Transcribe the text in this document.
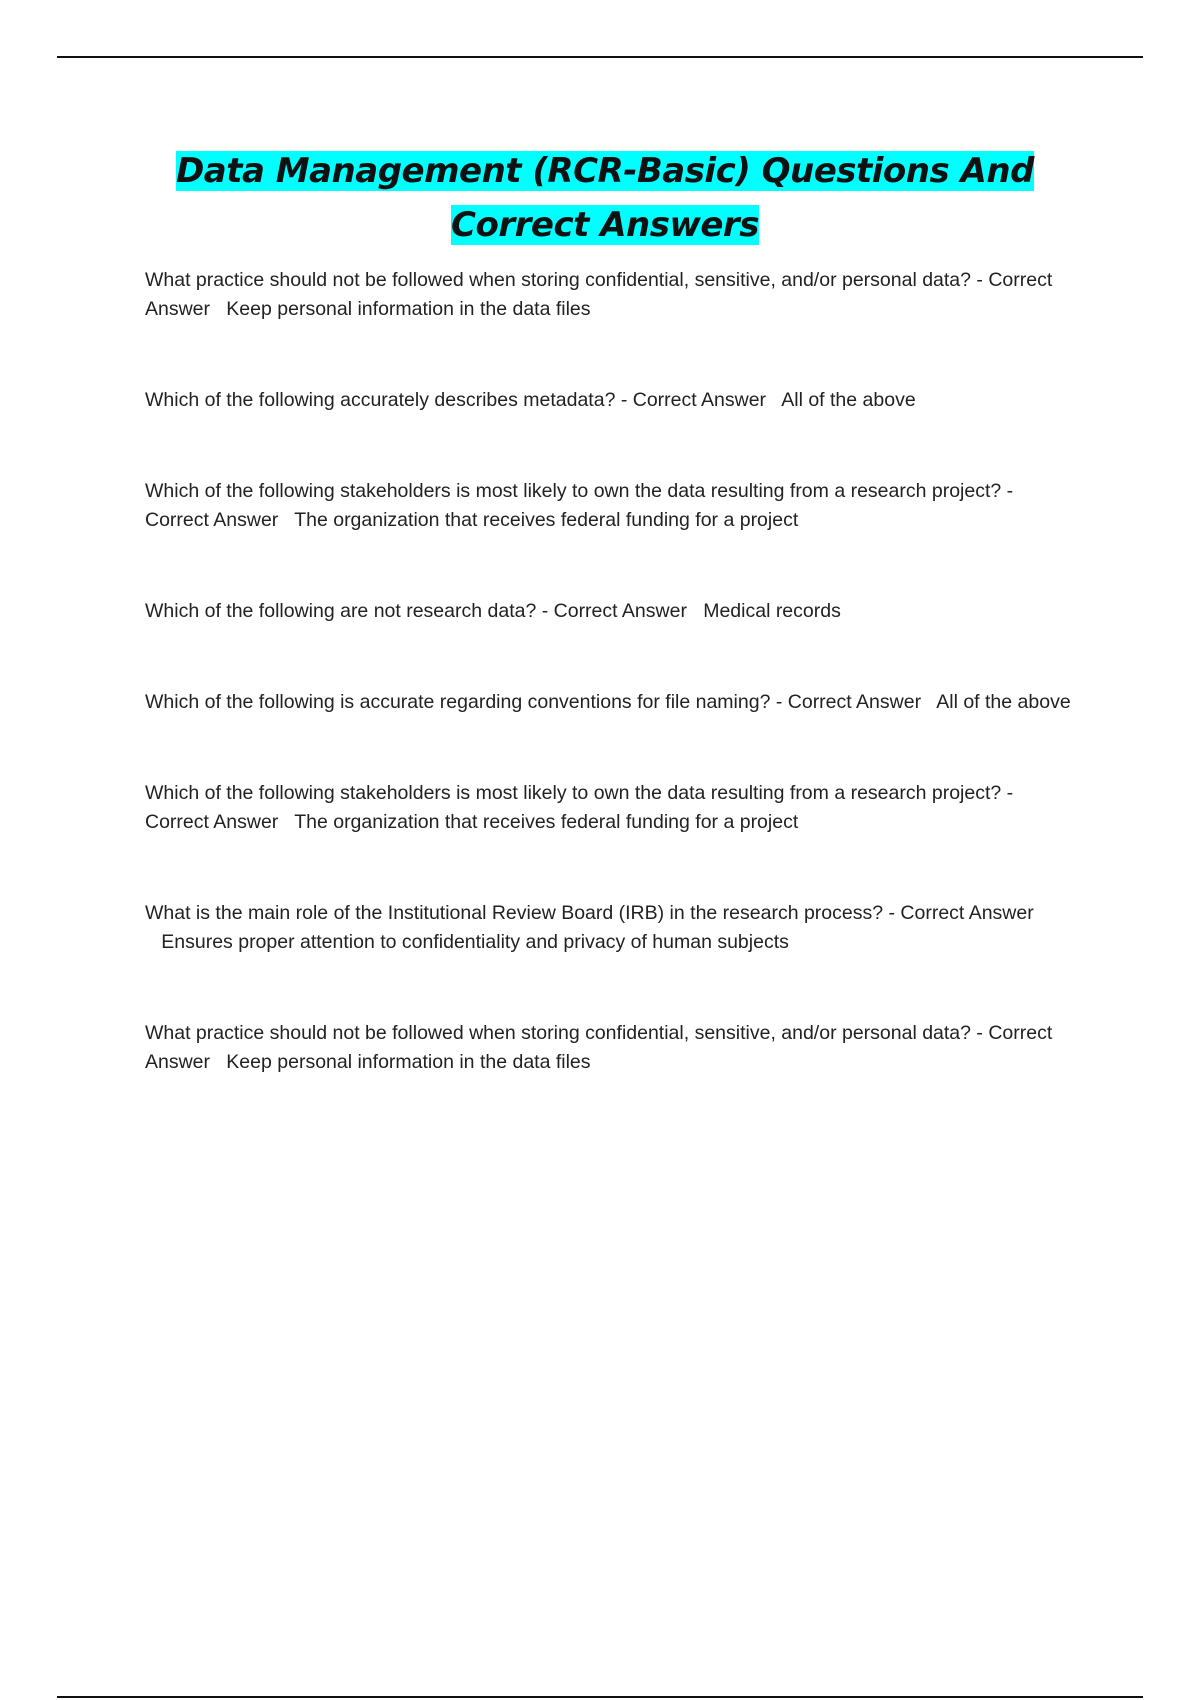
Data Management (RCR-Basic) Questions And Correct Answers

What practice should not be followed when storing confidential, sensitive, and/or personal data? - Correct Answer Keep personal information in the data files

Which of the following accurately describes metadata? - Correct Answer All of the above

Which of the following stakeholders is most likely to own the data resulting from a research project? - Correct Answer The organization that receives federal funding for a project

Which of the following are not research data? - Correct Answer Medical records

Which of the following is accurate regarding conventions for file naming? - Correct Answer All of the above

Which of the following stakeholders is most likely to own the data resulting from a research project? - Correct Answer The organization that receives federal funding for a project

What is the main role of the Institutional Review Board (IRB) in the research process? - Correct Answer   Ensures proper attention to confidentiality and privacy of human subjects

What practice should not be followed when storing confidential, sensitive, and/or personal data? - Correct Answer Keep personal information in the data files
